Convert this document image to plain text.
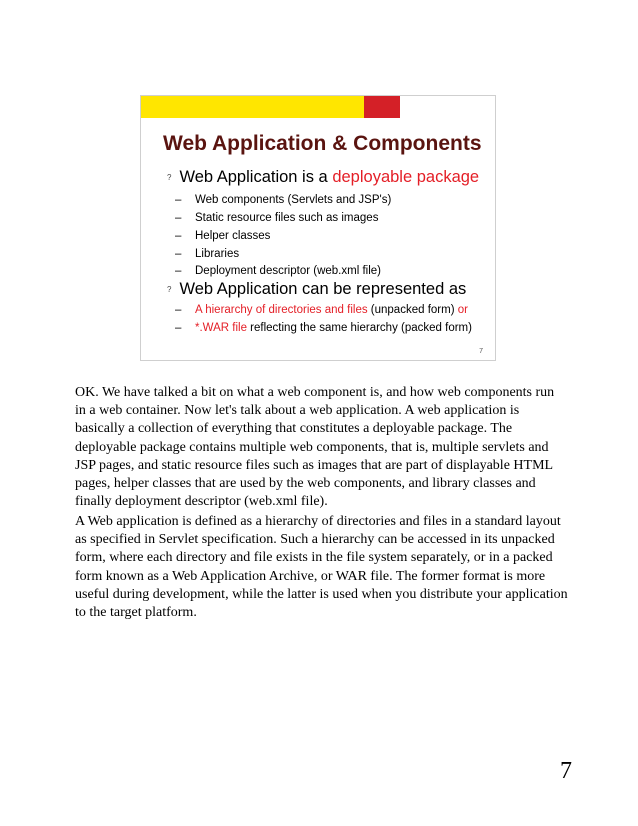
Web Application & Components
? Web Application is a deployable package
– Web components (Servlets and JSP's)
– Static resource files such as images
– Helper classes
– Libraries
– Deployment descriptor (web.xml file)
? Web Application can be represented as
– A hierarchy of directories and files (unpacked form) or
– *.WAR file reflecting the same hierarchy (packed form)
7

OK. We have talked a bit on what a web component is, and how web components run
in a web container. Now let's talk about a web application. A web application is
basically a collection of everything that constitutes a deployable package. The
deployable package contains multiple web components, that is, multiple servlets and
JSP pages, and static resource files such as images that are part of displayable HTML
pages, helper classes that are used by the web components, and library classes and
finally deployment descriptor (web.xml file).

A Web application is defined as a hierarchy of directories and files in a standard layout
as specified in Servlet specification. Such a hierarchy can be accessed in its unpacked
form, where each directory and file exists in the file system separately, or in a packed
form known as a Web Application Archive, or WAR file. The former format is more
useful during development, while the latter is used when you distribute your application
to the target platform.

7
